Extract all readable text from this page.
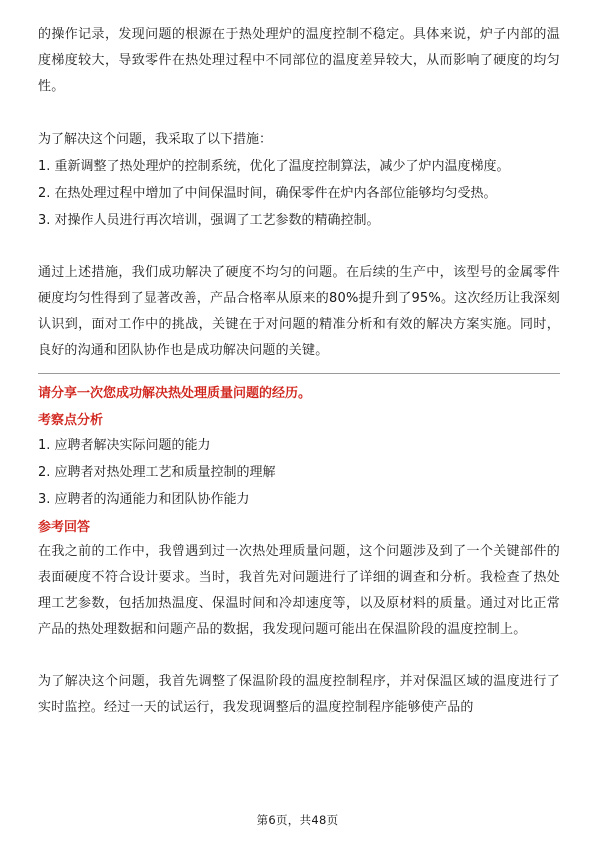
的操作记录，发现问题的根源在于热处理炉的温度控制不稳定。具体来说，炉子内部的温度梯度较大，导致零件在热处理过程中不同部位的温度差异较大，从而影响了硬度的均匀性。

为了解决这个问题，我采取了以下措施：

1. 重新调整了热处理炉的控制系统，优化了温度控制算法，减少了炉内温度梯度。

2. 在热处理过程中增加了中间保温时间，确保零件在炉内各部位能够均匀受热。

3. 对操作人员进行再次培训，强调了工艺参数的精确控制。

通过上述措施，我们成功解决了硬度不均匀的问题。在后续的生产中，该型号的金属零件硬度均匀性得到了显著改善，产品合格率从原来的80%提升到了95%。这次经历让我深刻认识到，面对工作中的挑战，关键在于对问题的精准分析和有效的解决方案实施。同时，良好的沟通和团队协作也是成功解决问题的关键。

请分享一次您成功解决热处理质量问题的经历。

考察点分析

1. 应聘者解决实际问题的能力

2. 应聘者对热处理工艺和质量控制的理解

3. 应聘者的沟通能力和团队协作能力

参考回答

在我之前的工作中，我曾遇到过一次热处理质量问题，这个问题涉及到了一个关键部件的表面硬度不符合设计要求。当时，我首先对问题进行了详细的调查和分析。我检查了热处理工艺参数，包括加热温度、保温时间和冷却速度等，以及原材料的质量。通过对比正常产品的热处理数据和问题产品的数据，我发现问题可能出在保温阶段的温度控制上。

为了解决这个问题，我首先调整了保温阶段的温度控制程序，并对保温区域的温度进行了实时监控。经过一天的试运行，我发现调整后的温度控制程序能够使产品的

第6页，共48页
